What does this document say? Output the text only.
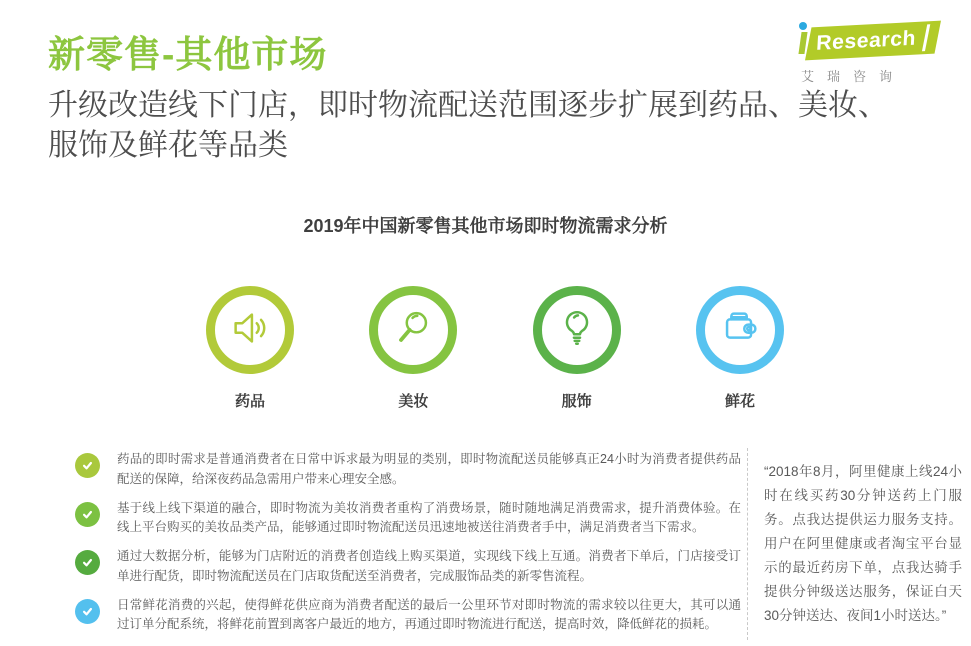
新零售-其他市场	Research
艾瑞咨询
升级改造线下门店，即时物流配送范围逐步扩展到药品、美妆、服饰及鲜花等品类
2019年中国新零售其他市场即时物流需求分析
药品	美妆	服饰	鲜花

药品的即时需求是普通消费者在日常中诉求最为明显的类别，即时物流配送员能够真正24小时为消费者提供药品配送的保障，给深夜药品急需用户带来心理安全感。

基于线上线下渠道的融合，即时物流为美妆消费者重构了消费场景，随时随地满足消费需求，提升消费体验。在线上平台购买的美妆品类产品，能够通过即时物流配送员迅速地被送往消费者手中，满足消费者当下需求。

通过大数据分析，能够为门店附近的消费者创造线上购买渠道，实现线下线上互通。消费者下单后，门店接受订单进行配货，即时物流配送员在门店取货配送至消费者，完成服饰品类的新零售流程。

日常鲜花消费的兴起，使得鲜花供应商为消费者配送的最后一公里环节对即时物流的需求较以往更大，其可以通过订单分配系统，将鲜花前置到离客户最近的地方，再通过即时物流进行配送，提高时效，降低鲜花的损耗。

“2018年8月，阿里健康上线24小时在线买药30分钟送药上门服务。点我达提供运力服务支持。用户在阿里健康或者淘宝平台显示的最近药房下单，点我达骑手提供分钟级送达服务，保证白天30分钟送达、夜间1小时送达。”
